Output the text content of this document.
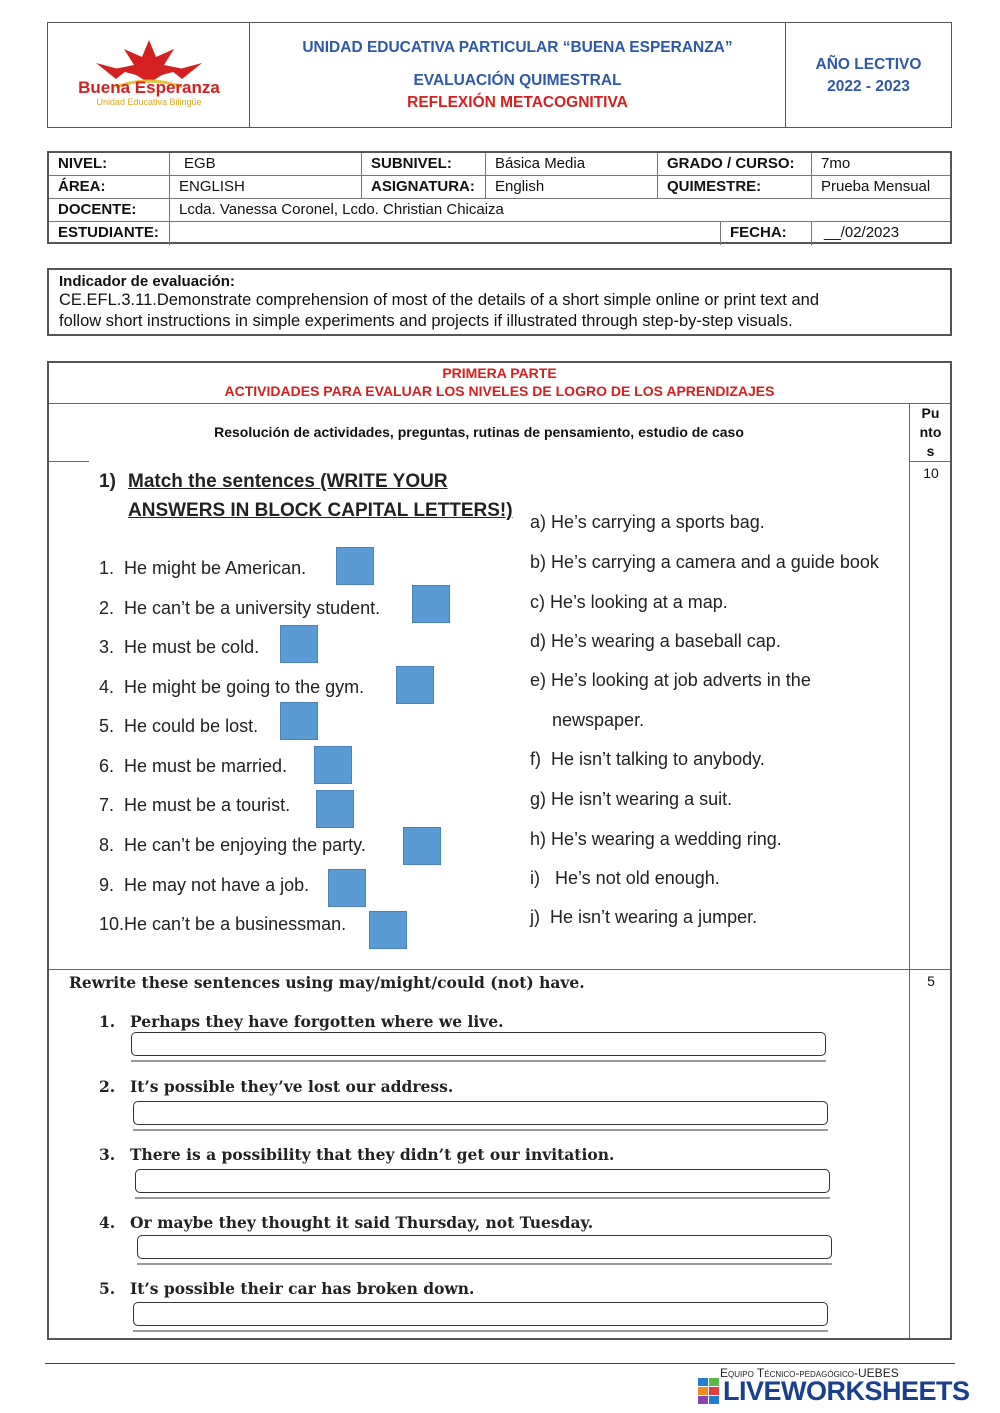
Buena Esperanza
Unidad Educativa Bilingüe
UNIDAD EDUCATIVA PARTICULAR “BUENA ESPERANZA”
EVALUACIÓN QUIMESTRAL
REFLEXIÓN METACOGNITIVA
AÑO LECTIVO
2022 - 2023
NIVEL:	EGB	SUBNIVEL:	Básica Media	GRADO / CURSO:	7mo
ÁREA:	ENGLISH	ASIGNATURA:	English	QUIMESTRE:	Prueba Mensual
DOCENTE:	Lcda. Vanessa Coronel, Lcdo. Christian Chicaiza
ESTUDIANTE:	FECHA:	__/02/2023
Indicador de evaluación:
CE.EFL.3.11.Demonstrate comprehension of most of the details of a short simple online or print text and
follow short instructions in simple experiments and projects if illustrated through step-by-step visuals.
PRIMERA PARTE
ACTIVIDADES PARA EVALUAR LOS NIVELES DE LOGRO DE LOS APRENDIZAJES
Resolución de actividades, preguntas, rutinas de pensamiento, estudio de caso
Pu
nto
s
10
1) Match the sentences (WRITE YOUR
ANSWERS IN BLOCK CAPITAL LETTERS!)
1.  He might be American.
2.  He can’t be a university student.
3.  He must be cold.
4.  He might be going to the gym.
5.  He could be lost.
6.  He must be married.
7.  He must be a tourist.
8.  He can’t be enjoying the party.
9.  He may not have a job.
10.He can’t be a businessman.
a) He’s carrying a sports bag.
b) He’s carrying a camera and a guide book
c) He’s looking at a map.
d) He’s wearing a baseball cap.
e) He’s looking at job adverts in the
newspaper.
f)  He isn’t talking to anybody.
g) He isn’t wearing a suit.
h) He’s wearing a wedding ring.
i)   He’s not old enough.
j)  He isn’t wearing a jumper.
5
Rewrite these sentences using may/might/could (not) have.
1. Perhaps they have forgotten where we live.
2. It’s possible they’ve lost our address.
3. There is a possibility that they didn’t get our invitation.
4. Or maybe they thought it said Thursday, not Tuesday.
5. It’s possible their car has broken down.
Equipo Técnico-pedagógico-UEBES
LIVEWORKSHEETS
